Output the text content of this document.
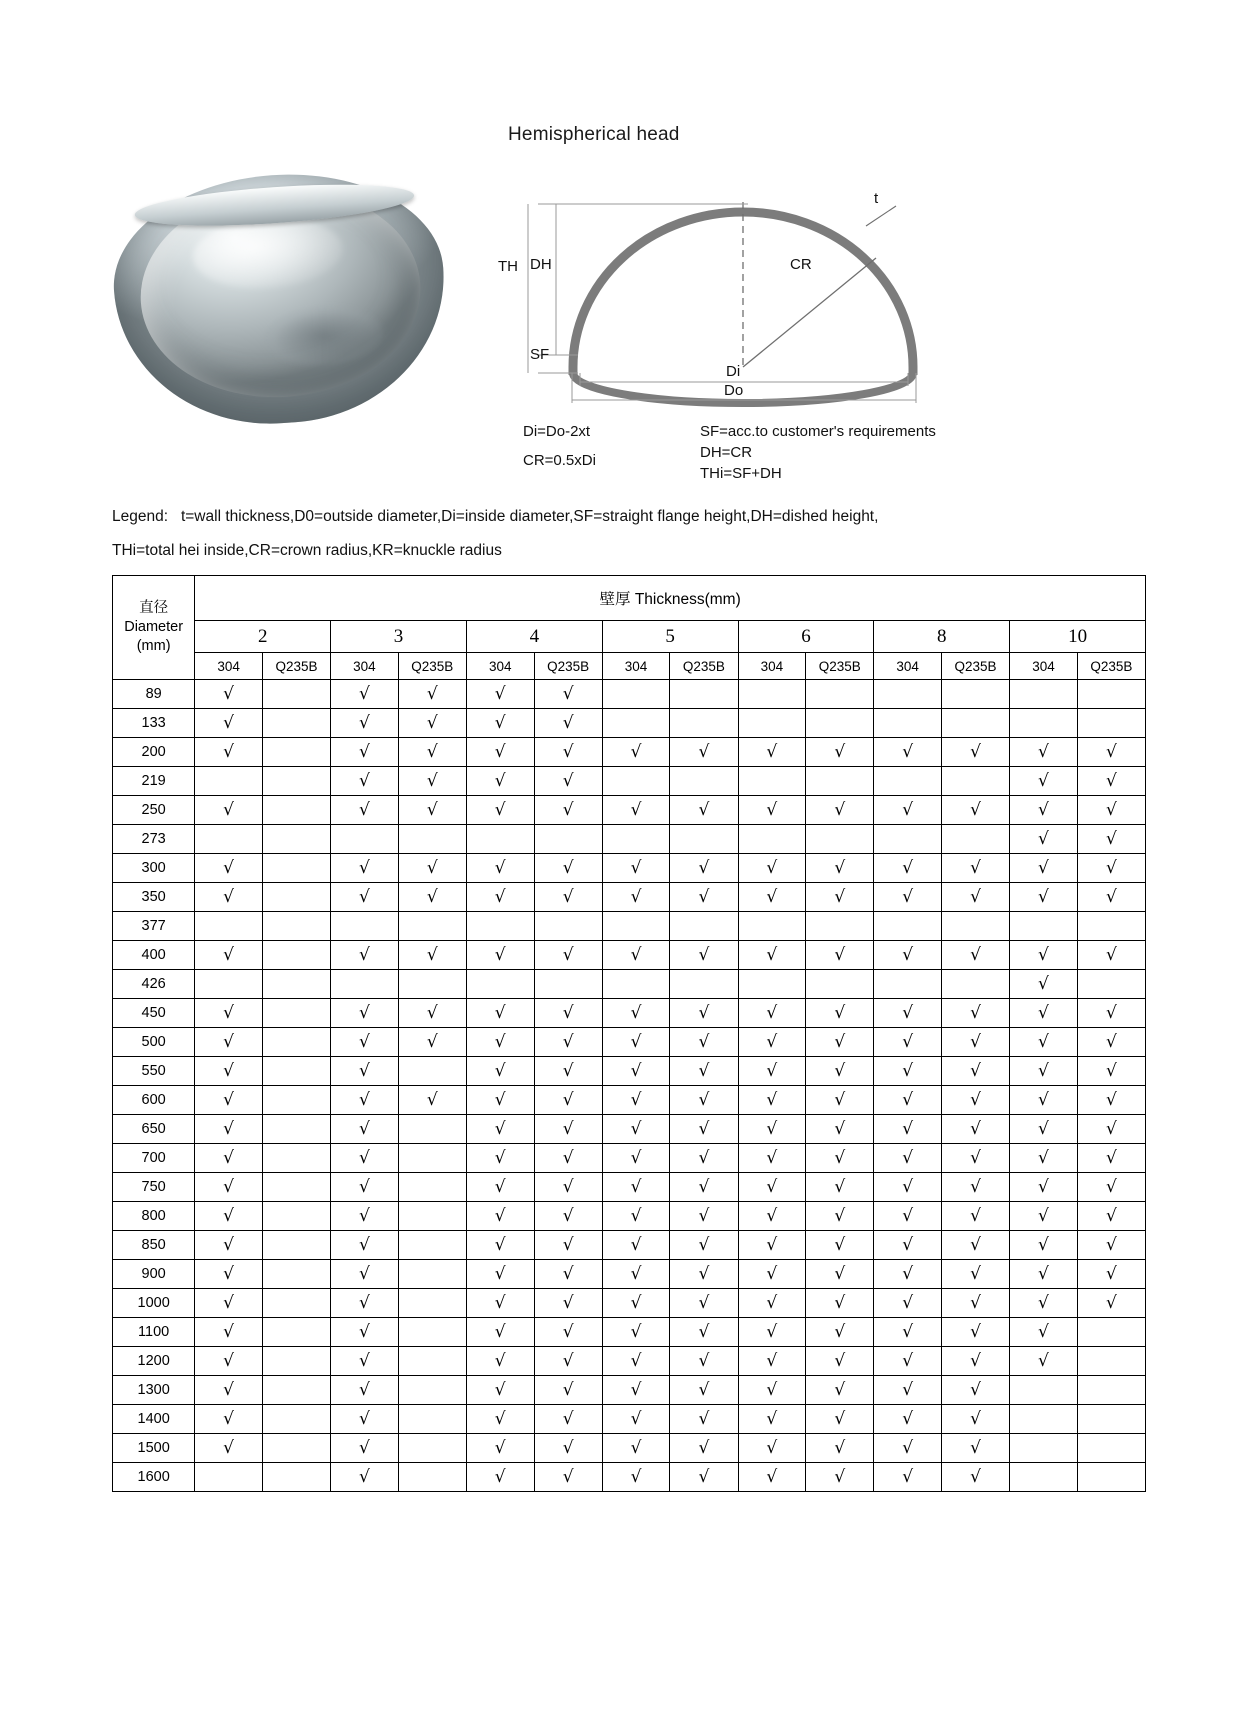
Hemispherical head
TH DH
SF
CR
t
Di
Do
Di=Do-2xt
CR=0.5xDi
SF=acc.to customer's requirements
DH=CR
THi=SF+DH
Legend: t=wall thickness,D0=outside diameter,Di=inside diameter,SF=straight flange height,DH=dished height,
THi=total hei inside,CR=crown radius,KR=knuckle radius
直径
Diameter
(mm)	壁厚 Thickness(mm)													
	2		3		4		5		6		8		10	
	304	Q235B	304	Q235B	304	Q235B	304	Q235B	304	Q235B	304	Q235B	304	Q235B
89	√		√	√	√	√								
133	√		√	√	√	√								
200	√		√	√	√	√	√	√	√	√	√	√	√	√
219			√	√	√	√							√	√
250	√		√	√	√	√	√	√	√	√	√	√	√	√
273													√	√
300	√		√	√	√	√	√	√	√	√	√	√	√	√
350	√		√	√	√	√	√	√	√	√	√	√	√	√
377														
400	√		√	√	√	√	√	√	√	√	√	√	√	√
426													√	
450	√		√	√	√	√	√	√	√	√	√	√	√	√
500	√		√	√	√	√	√	√	√	√	√	√	√	√
550	√		√		√	√	√	√	√	√	√	√	√	√
600	√		√	√	√	√	√	√	√	√	√	√	√	√
650	√		√		√	√	√	√	√	√	√	√	√	√
700	√		√		√	√	√	√	√	√	√	√	√	√
750	√		√		√	√	√	√	√	√	√	√	√	√
800	√		√		√	√	√	√	√	√	√	√	√	√
850	√		√		√	√	√	√	√	√	√	√	√	√
900	√		√		√	√	√	√	√	√	√	√	√	√
1000	√		√		√	√	√	√	√	√	√	√	√	√
1100	√		√		√	√	√	√	√	√	√	√	√	
1200	√		√		√	√	√	√	√	√	√	√	√	
1300	√		√		√	√	√	√	√	√	√	√		
1400	√		√		√	√	√	√	√	√	√	√		
1500	√		√		√	√	√	√	√	√	√	√		
1600			√		√	√	√	√	√	√	√	√		
